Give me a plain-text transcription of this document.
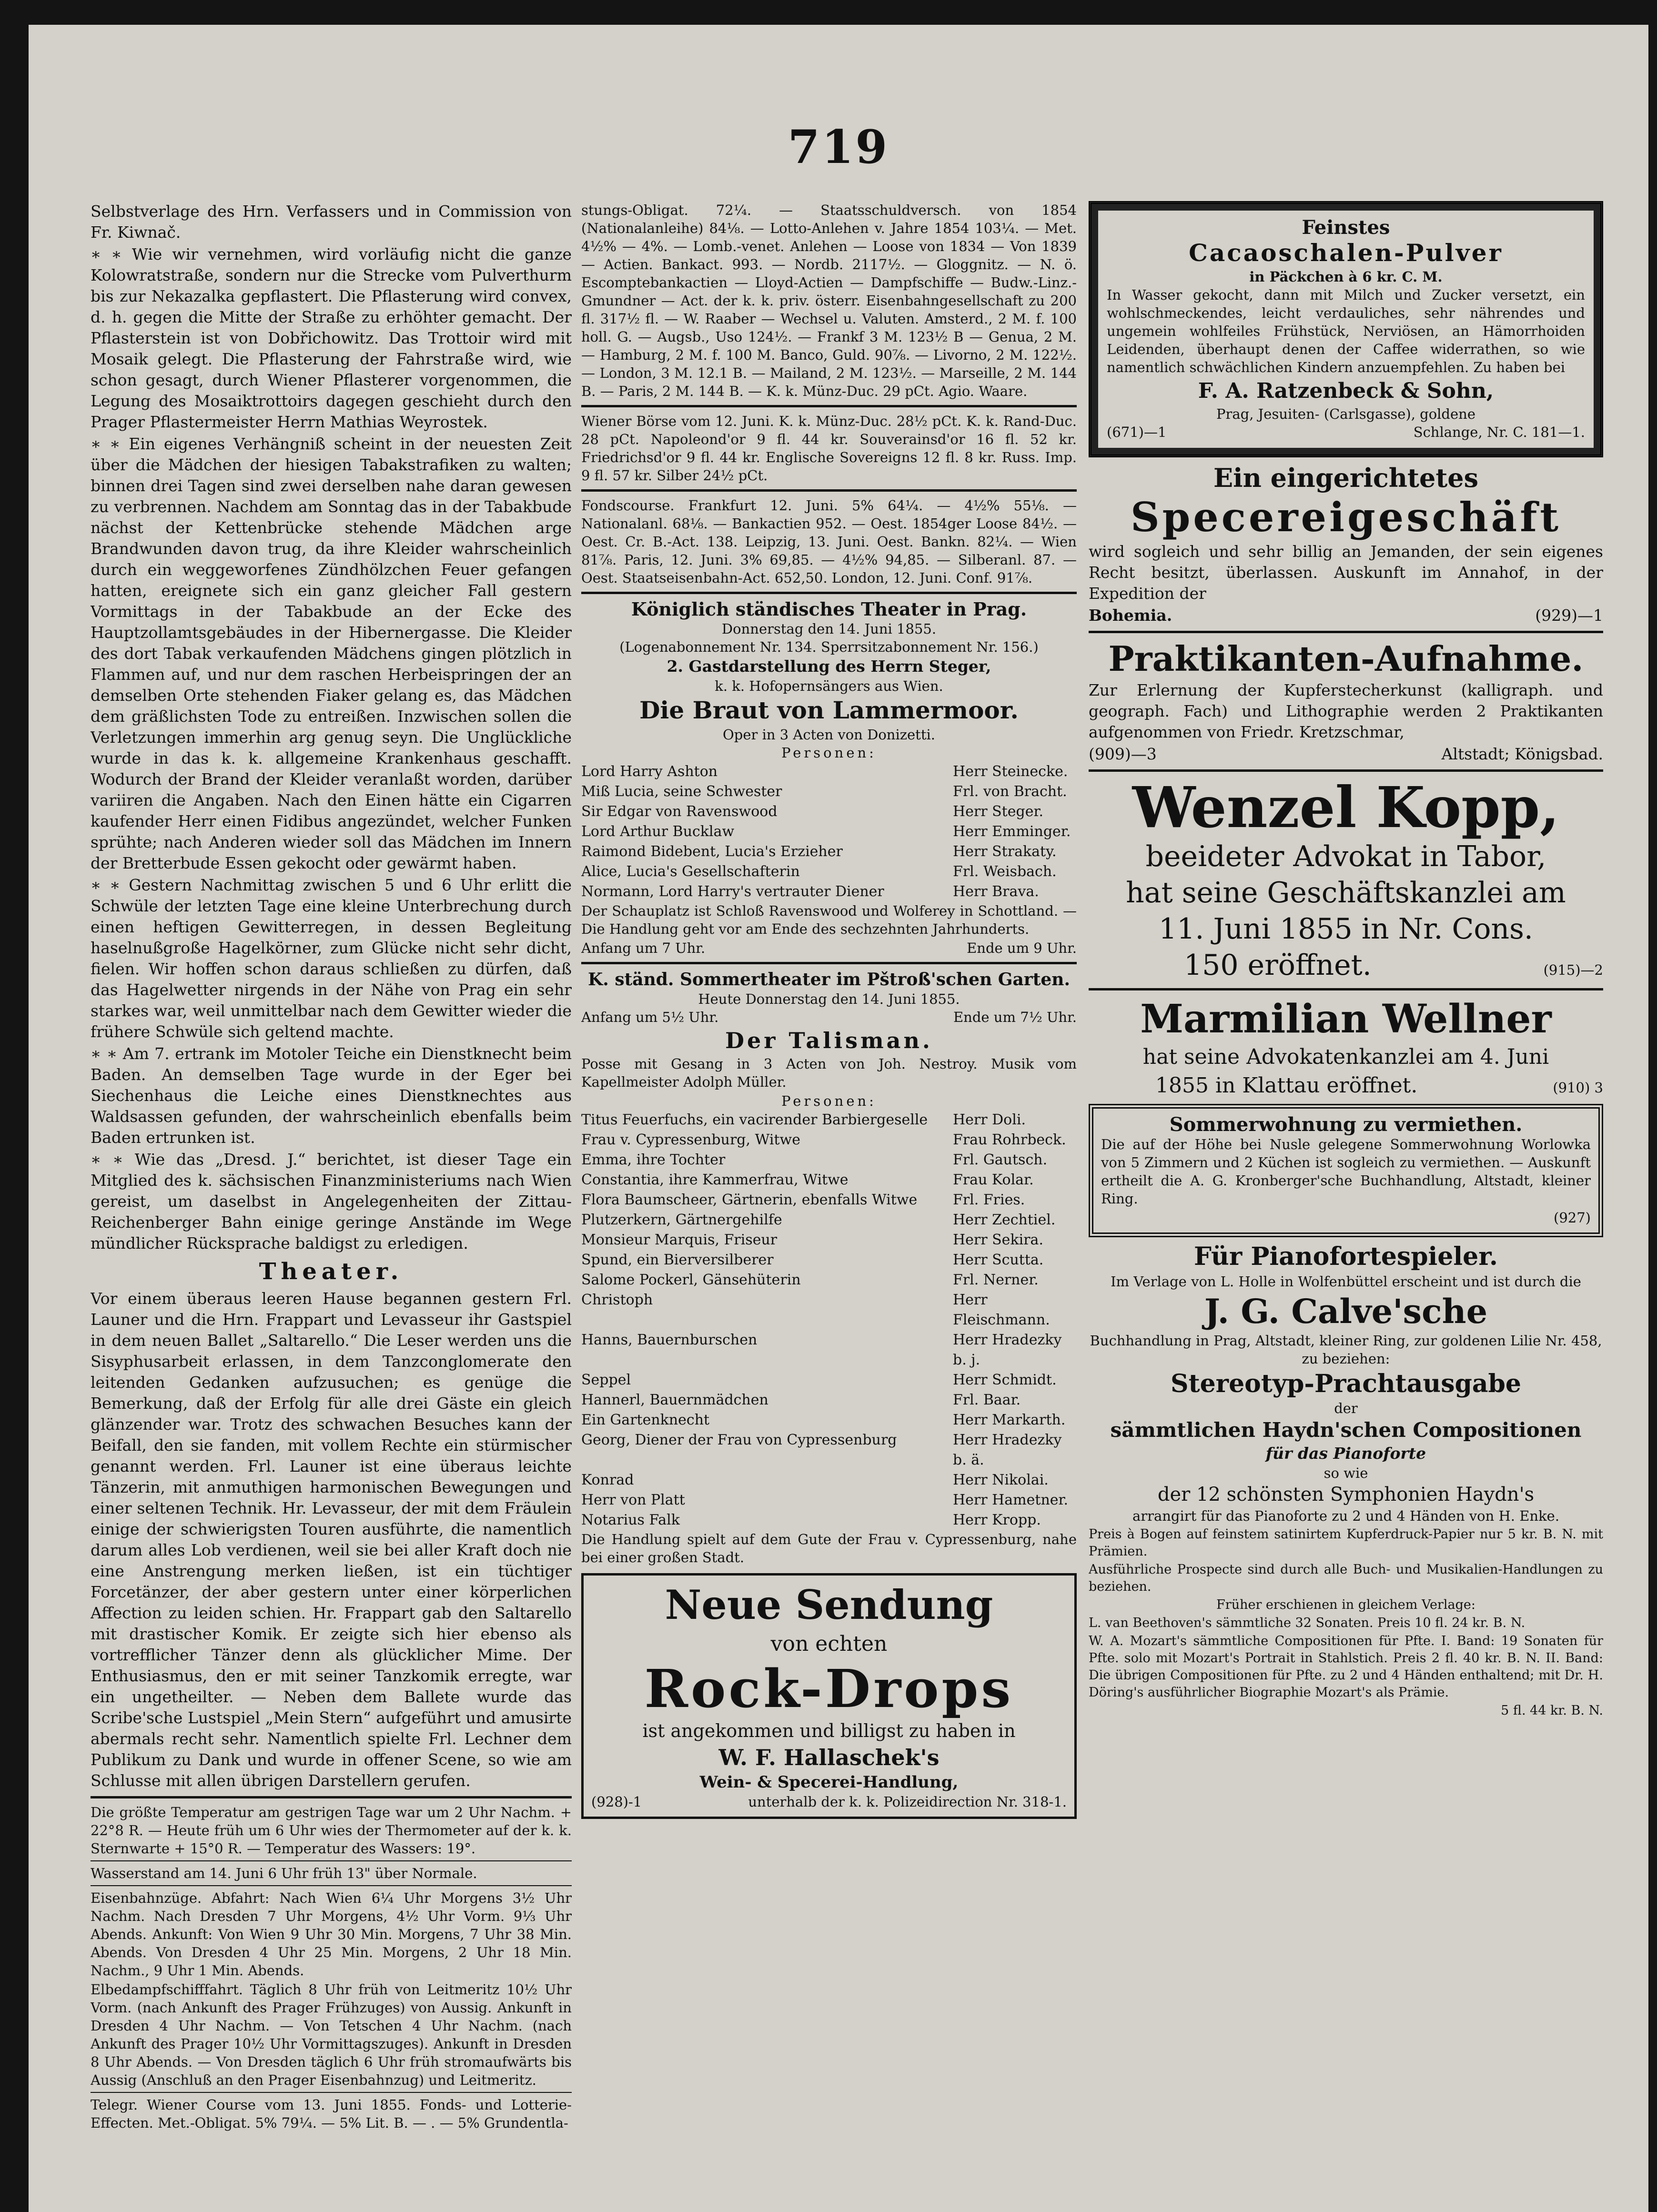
719

Selbstverlage des Hrn. Verfassers und in Commission von Fr. Kiwnač.

∗ ∗ Wie wir vernehmen, wird vorläufig nicht die ganze Kolowratstraße, sondern nur die Strecke vom Pulverthurm bis zur Nekazalka gepflastert. Die Pflasterung wird convex, d. h. gegen die Mitte der Straße zu erhöhter gemacht. Der Pflasterstein ist von Dobřichowitz. Das Trottoir wird mit Mosaik gelegt. Die Pflasterung der Fahrstraße wird, wie schon gesagt, durch Wiener Pflasterer vorgenommen, die Legung des Mosaiktrottoirs dagegen geschieht durch den Prager Pflastermeister Herrn Mathias Weyrostek.

∗ ∗ Ein eigenes Verhängniß scheint in der neuesten Zeit über die Mädchen der hiesigen Tabakstrafiken zu walten; binnen drei Tagen sind zwei derselben nahe daran gewesen zu verbrennen. Nachdem am Sonntag das in der Tabakbude nächst der Kettenbrücke stehende Mädchen arge Brandwunden davon trug, da ihre Kleider wahrscheinlich durch ein weggeworfenes Zündhölzchen Feuer gefangen hatten, ereignete sich ein ganz gleicher Fall gestern Vormittags in der Tabakbude an der Ecke des Hauptzollamtsgebäudes in der Hibernergasse. Die Kleider des dort Tabak verkaufenden Mädchens gingen plötzlich in Flammen auf, und nur dem raschen Herbeispringen der an demselben Orte stehenden Fiaker gelang es, das Mädchen dem gräßlichsten Tode zu entreißen. Inzwischen sollen die Verletzungen immerhin arg genug seyn. Die Unglückliche wurde in das k. k. allgemeine Krankenhaus geschafft. Wodurch der Brand der Kleider veranlaßt worden, darüber variiren die Angaben. Nach den Einen hätte ein Cigarren kaufender Herr einen Fidibus angezündet, welcher Funken sprühte; nach Anderen wieder soll das Mädchen im Innern der Bretterbude Essen gekocht oder gewärmt haben.

∗ ∗ Gestern Nachmittag zwischen 5 und 6 Uhr erlitt die Schwüle der letzten Tage eine kleine Unterbrechung durch einen heftigen Gewitterregen, in dessen Begleitung haselnußgroße Hagelkörner, zum Glücke nicht sehr dicht, fielen. Wir hoffen schon daraus schließen zu dürfen, daß das Hagelwetter nirgends in der Nähe von Prag ein sehr starkes war, weil unmittelbar nach dem Gewitter wieder die frühere Schwüle sich geltend machte.

∗ ∗ Am 7. ertrank im Motoler Teiche ein Dienstknecht beim Baden. An demselben Tage wurde in der Eger bei Siechenhaus die Leiche eines Dienstknechtes aus Waldsassen gefunden, der wahrscheinlich ebenfalls beim Baden ertrunken ist.

∗ ∗ Wie das „Dresd. J.“ berichtet, ist dieser Tage ein Mitglied des k. sächsischen Finanzministeriums nach Wien gereist, um daselbst in Angelegenheiten der Zittau-Reichenberger Bahn einige geringe Anstände im Wege mündlicher Rücksprache baldigst zu erledigen.

Theater.

Vor einem überaus leeren Hause begannen gestern Frl. Launer und die Hrn. Frappart und Levasseur ihr Gastspiel in dem neuen Ballet „Saltarello.“ Die Leser werden uns die Sisyphusarbeit erlassen, in dem Tanzconglomerate den leitenden Gedanken aufzusuchen; es genüge die Bemerkung, daß der Erfolg für alle drei Gäste ein gleich glänzender war. Trotz des schwachen Besuches kann der Beifall, den sie fanden, mit vollem Rechte ein stürmischer genannt werden. Frl. Launer ist eine überaus leichte Tänzerin, mit anmuthigen harmonischen Bewegungen und einer seltenen Technik. Hr. Levasseur, der mit dem Fräulein einige der schwierigsten Touren ausführte, die namentlich darum alles Lob verdienen, weil sie bei aller Kraft doch nie eine Anstrengung merken ließen, ist ein tüchtiger Forcetänzer, der aber gestern unter einer körperlichen Affection zu leiden schien. Hr. Frappart gab den Saltarello mit drastischer Komik. Er zeigte sich hier ebenso als vortrefflicher Tänzer denn als glücklicher Mime. Der Enthusiasmus, den er mit seiner Tanzkomik erregte, war ein ungetheilter. — Neben dem Ballete wurde das Scribe'sche Lustspiel „Mein Stern“ aufgeführt und amusirte abermals recht sehr. Namentlich spielte Frl. Lechner dem Publikum zu Dank und wurde in offener Scene, so wie am Schlusse mit allen übrigen Darstellern gerufen.

Die größte Temperatur am gestrigen Tage war um 2 Uhr Nachm. + 22°8 R. — Heute früh um 6 Uhr wies der Thermometer auf der k. k. Sternwarte + 15°0 R. — Temperatur des Wassers: 19°.

Wasserstand am 14. Juni 6 Uhr früh 13" über Normale.

Eisenbahnzüge. Abfahrt: Nach Wien 6¼ Uhr Morgens 3½ Uhr Nachm. Nach Dresden 7 Uhr Morgens, 4½ Uhr Vorm. 9⅓ Uhr Abends. Ankunft: Von Wien 9 Uhr 30 Min. Morgens, 7 Uhr 38 Min. Abends. Von Dresden 4 Uhr 25 Min. Morgens, 2 Uhr 18 Min. Nachm., 9 Uhr 1 Min. Abends.

Elbedampfschifffahrt. Täglich 8 Uhr früh von Leitmeritz 10½ Uhr Vorm. (nach Ankunft des Prager Frühzuges) von Aussig. Ankunft in Dresden 4 Uhr Nachm. — Von Tetschen 4 Uhr Nachm. (nach Ankunft des Prager 10½ Uhr Vormittagszuges). Ankunft in Dresden 8 Uhr Abends. — Von Dresden täglich 6 Uhr früh stromaufwärts bis Aussig (Anschluß an den Prager Eisenbahnzug) und Leitmeritz.

Telegr. Wiener Course vom 13. Juni 1855. Fonds- und Lotterie-Effecten. Met.-Obligat. 5% 79¼. — 5% Lit. B. — . — 5% Grundentla-

stungs-Obligat. 72¼. — Staatsschuldversch. von 1854 (Nationalanleihe) 84⅛. — Lotto-Anlehen v. Jahre 1854 103¼. — Met. 4½% — 4%. — Lomb.-venet. Anlehen — Loose von 1834 — Von 1839 — Actien. Bankact. 993. — Nordb. 2117½. — Gloggnitz. — N. ö. Escomptebankactien — Lloyd-Actien — Dampfschiffe — Budw.-Linz.-Gmundner — Act. der k. k. priv. österr. Eisenbahngesellschaft zu 200 fl. 317½ fl. — W. Raaber — Wechsel u. Valuten. Amsterd., 2 M. f. 100 holl. G. — Augsb., Uso 124½. — Frankf 3 M. 123½ B — Genua, 2 M. — Hamburg, 2 M. f. 100 M. Banco, Guld. 90⅞. — Livorno, 2 M. 122½. — London, 3 M. 12.1 B. — Mailand, 2 M. 123½. — Marseille, 2 M. 144 B. — Paris, 2 M. 144 B. — K. k. Münz-Duc. 29 pCt. Agio. Waare.

Wiener Börse vom 12. Juni. K. k. Münz-Duc. 28½ pCt. K. k. Rand-Duc. 28 pCt. Napoleond'or 9 fl. 44 kr. Souverainsd'or 16 fl. 52 kr. Friedrichsd'or 9 fl. 44 kr. Englische Sovereigns 12 fl. 8 kr. Russ. Imp. 9 fl. 57 kr. Silber 24½ pCt.

Fondscourse. Frankfurt 12. Juni. 5% 64¼. — 4½% 55⅛. — Nationalanl. 68⅛. — Bankactien 952. — Oest. 1854ger Loose 84½. — Oest. Cr. B.-Act. 138. Leipzig, 13. Juni. Oest. Bankn. 82¼. — Wien 81⅞. Paris, 12. Juni. 3% 69,85. — 4½% 94,85. — Silberanl. 87. — Oest. Staatseisenbahn-Act. 652,50. London, 12. Juni. Conf. 91⅞.

Königlich ständisches Theater in Prag.
Donnerstag den 14. Juni 1855.
(Logenabonnement Nr. 134. Sperrsitzabonnement Nr. 156.)
2. Gastdarstellung des Herrn Steger,
k. k. Hofopernsängers aus Wien.
Die Braut von Lammermoor.
Oper in 3 Acten von Donizetti.
Personen:
Lord Harry Ashton	Herr Steinecke.
Miß Lucia, seine Schwester	Frl. von Bracht.
Sir Edgar von Ravenswood	Herr Steger.
Lord Arthur Bucklaw	Herr Emminger.
Raimond Bidebent, Lucia's Erzieher	Herr Strakaty.
Alice, Lucia's Gesellschafterin	Frl. Weisbach.
Normann, Lord Harry's vertrauter Diener	Herr Brava.

Der Schauplatz ist Schloß Ravenswood und Wolferey in Schottland. — Die Handlung geht vor am Ende des sechzehnten Jahrhunderts.

Anfang um 7 Uhr.	Ende um 9 Uhr.
K. ständ. Sommertheater im Pštroß'schen Garten.
Heute Donnerstag den 14. Juni 1855.
Anfang um 5½ Uhr.	Ende um 7½ Uhr.
Der Talisman.

Posse mit Gesang in 3 Acten von Joh. Nestroy. Musik vom Kapellmeister Adolph Müller.

Personen:
Titus Feuerfuchs, ein vacirender Barbiergeselle Herr Doli.
Frau v. Cypressenburg, Witwe	Frau Rohrbeck.
Emma, ihre Tochter	Frl. Gautsch.
Constantia, ihre Kammerfrau, Witwe	Frau Kolar.
Flora Baumscheer, Gärtnerin, ebenfalls Witwe Frl. Fries.
Plutzerkern, Gärtnergehilfe	Herr Zechtiel.
Monsieur Marquis, Friseur	Herr Sekira.
Spund, ein Bierversilberer	Herr Scutta.
Salome Pockerl, Gänsehüterin	Frl. Nerner.
Christoph	Herr Fleischmann.
Hanns, Bauernburschen	Herr Hradezky b. j.
Seppel	Herr Schmidt.
Hannerl, Bauernmädchen	Frl. Baar.
Ein Gartenknecht	Herr Markarth.
Georg, Diener der Frau von Cypressenburg	Herr Hradezky b. ä.
Konrad	Herr Nikolai.
Herr von Platt	Herr Hametner.
Notarius Falk	Herr Kropp.

Die Handlung spielt auf dem Gute der Frau v. Cypressenburg, nahe bei einer großen Stadt.

Neue Sendung
von echten
Rock-Drops
ist angekommen und billigst zu haben in
W. F. Hallaschek's
Wein- & Specerei-Handlung,
(928)-1	unterhalb der k. k. Polizeidirection Nr. 318-1.
Feinstes
Cacaoschalen-Pulver
in Päckchen à 6 kr. C. M.

In Wasser gekocht, dann mit Milch und Zucker versetzt, ein wohlschmeckendes, leicht verdauliches, sehr nährendes und ungemein wohlfeiles Frühstück, Nerviösen, an Hämorrhoiden Leidenden, überhaupt denen der Caffee widerrathen, so wie namentlich schwächlichen Kindern anzuempfehlen. Zu haben bei

F. A. Ratzenbeck & Sohn,
Prag, Jesuiten- (Carlsgasse), goldene
(671)—1	Schlange, Nr. C. 181—1.
Ein eingerichtetes
Specereigeschäft

wird sogleich und sehr billig an Jemanden, der sein eigenes Recht besitzt, überlassen. Auskunft im Annahof, in der Expedition der

Bohemia.	(929)—1
Praktikanten-Aufnahme.

Zur Erlernung der Kupferstecherkunst (kalligraph. und geograph. Fach) und Lithographie werden 2 Praktikanten aufgenommen von Friedr. Kretzschmar,

(909)—3	Altstadt; Königsbad.
Wenzel Kopp,
beeideter Advokat in Tabor,
hat seine Geschäftskanzlei am
11. Juni 1855 in Nr. Cons.
150 eröffnet.	(915)—2
Marmilian Wellner
hat seine Advokatenkanzlei am 4. Juni
1855 in Klattau eröffnet.	(910) 3
Sommerwohnung zu vermiethen.

Die auf der Höhe bei Nusle gelegene Sommerwohnung Worlowka von 5 Zimmern und 2 Küchen ist sogleich zu vermiethen. — Auskunft ertheilt die A. G. Kronberger'sche Buchhandlung, Altstadt, kleiner Ring.

(927)
Für Pianofortespieler.

Im Verlage von L. Holle in Wolfenbüttel erscheint und ist durch die

J. G. Calve'sche

Buchhandlung in Prag, Altstadt, kleiner Ring, zur goldenen Lilie Nr. 458, zu beziehen:

Stereotyp-Prachtausgabe
der
sämmtlichen Haydn'schen Compositionen
für das Pianoforte
so wie
der 12 schönsten Symphonien Haydn's

arrangirt für das Pianoforte zu 2 und 4 Händen von H. Enke.

Preis à Bogen auf feinstem satinirtem Kupferdruck-Papier nur 5 kr. B. N. mit Prämien.

Ausführliche Prospecte sind durch alle Buch- und Musikalien-Handlungen zu beziehen.

Früher erschienen in gleichem Verlage:

L. van Beethoven's sämmtliche 32 Sonaten. Preis 10 fl. 24 kr. B. N.

W. A. Mozart's sämmtliche Compositionen für Pfte. I. Band: 19 Sonaten für Pfte. solo mit Mozart's Portrait in Stahlstich. Preis 2 fl. 40 kr. B. N. II. Band: Die übrigen Compositionen für Pfte. zu 2 und 4 Händen enthaltend; mit Dr. H. Döring's ausführlicher Biographie Mozart's als Prämie.

5 fl. 44 kr. B. N.
